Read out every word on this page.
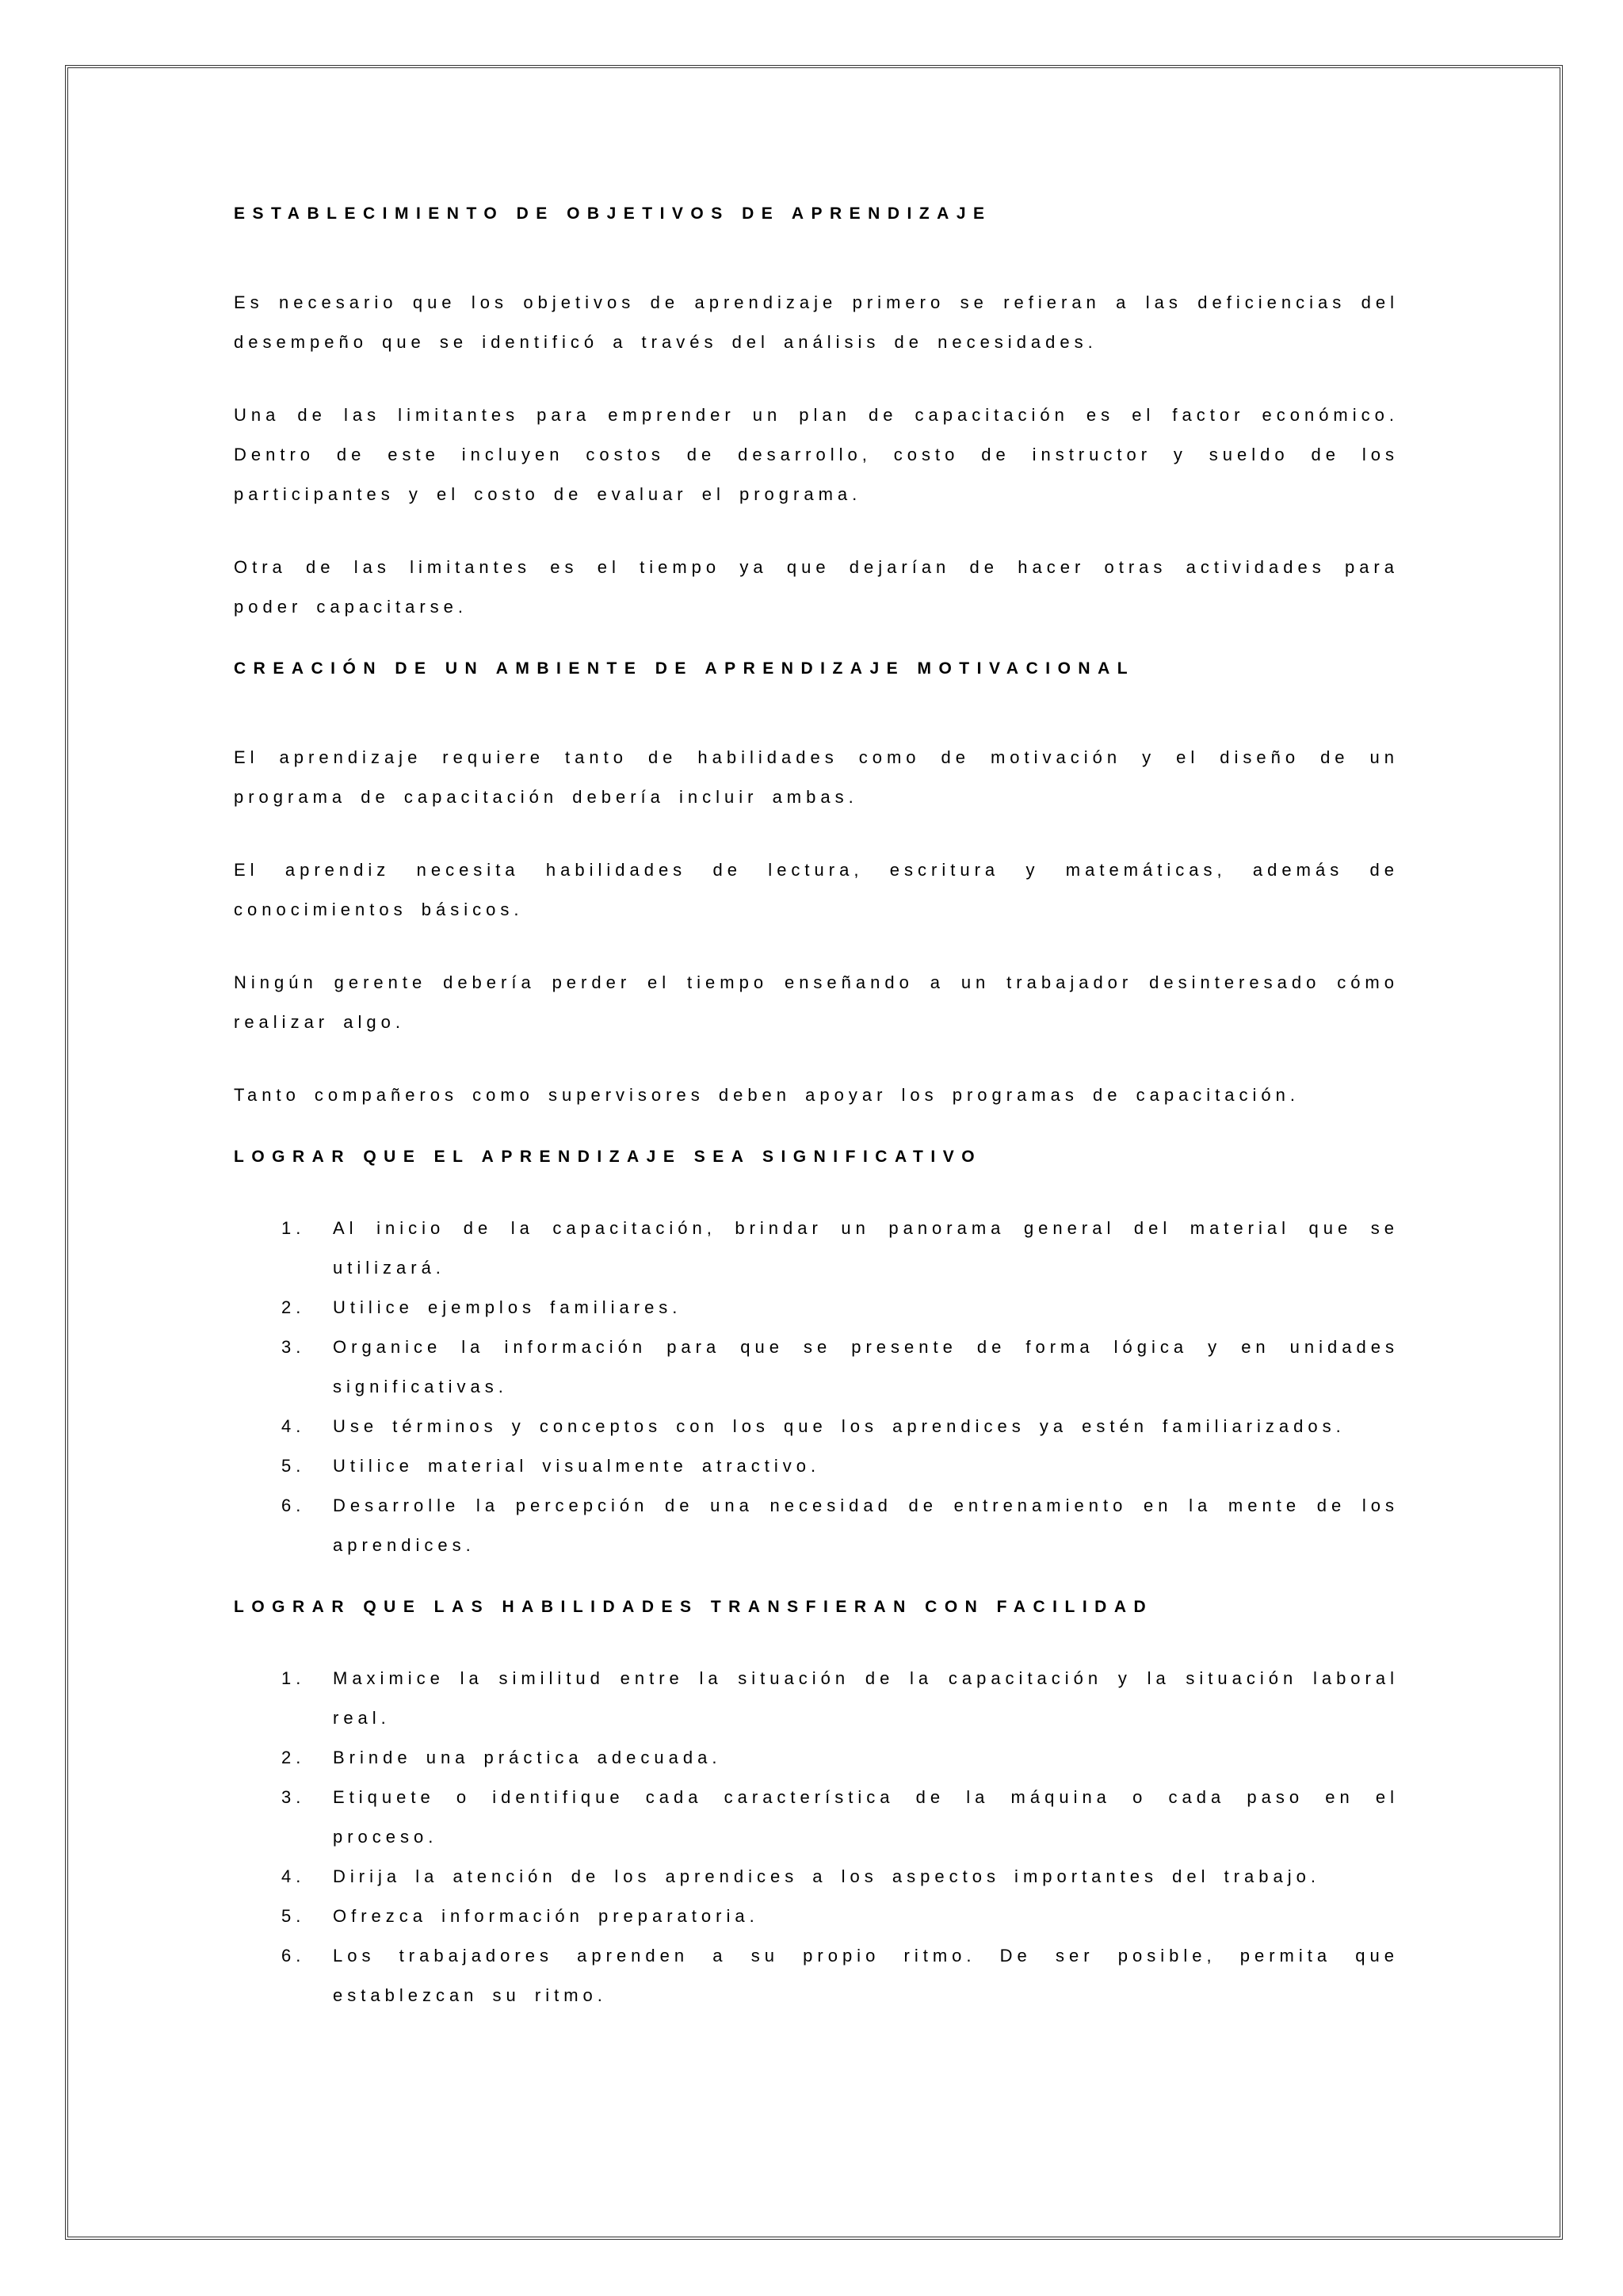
ESTABLECIMIENTO DE OBJETIVOS DE APRENDIZAJE

Es necesario que los objetivos de aprendizaje primero se refieran a las deficiencias del desempeño que se identificó a través del análisis de necesidades.

Una de las limitantes para emprender un plan de capacitación es el factor económico. Dentro de este incluyen costos de desarrollo, costo de instructor y sueldo de los participantes y el costo de evaluar el programa.

Otra de las limitantes es el tiempo ya que dejarían de hacer otras actividades para poder capacitarse.

CREACIÓN DE UN AMBIENTE DE APRENDIZAJE MOTIVACIONAL

El aprendizaje requiere tanto de habilidades como de motivación y el diseño de un programa de capacitación debería incluir ambas.

El aprendiz necesita habilidades de lectura, escritura y matemáticas, además de conocimientos básicos.

Ningún gerente debería perder el tiempo enseñando a un trabajador desinteresado cómo realizar algo.

Tanto compañeros como supervisores deben apoyar los programas de capacitación.

LOGRAR QUE EL APRENDIZAJE SEA SIGNIFICATIVO
1.	Al inicio de la capacitación, brindar un panorama general del material que se utilizará.
2.	Utilice ejemplos familiares.
3.	Organice la información para que se presente de forma lógica y en unidades significativas.
4.	Use términos y conceptos con los que los aprendices ya estén familiarizados.
5.	Utilice material visualmente atractivo.
6.	Desarrolle la percepción de una necesidad de entrenamiento en la mente de los aprendices.
LOGRAR QUE LAS HABILIDADES TRANSFIERAN CON FACILIDAD
1.	Maximice la similitud entre la situación de la capacitación y la situación laboral real.
2.	Brinde una práctica adecuada.
3.	Etiquete o identifique cada característica de la máquina o cada paso en el proceso.
4.	Dirija la atención de los aprendices a los aspectos importantes del trabajo.
5.	Ofrezca información preparatoria.
6.	Los trabajadores aprenden a su propio ritmo. De ser posible, permita que establezcan su ritmo.
